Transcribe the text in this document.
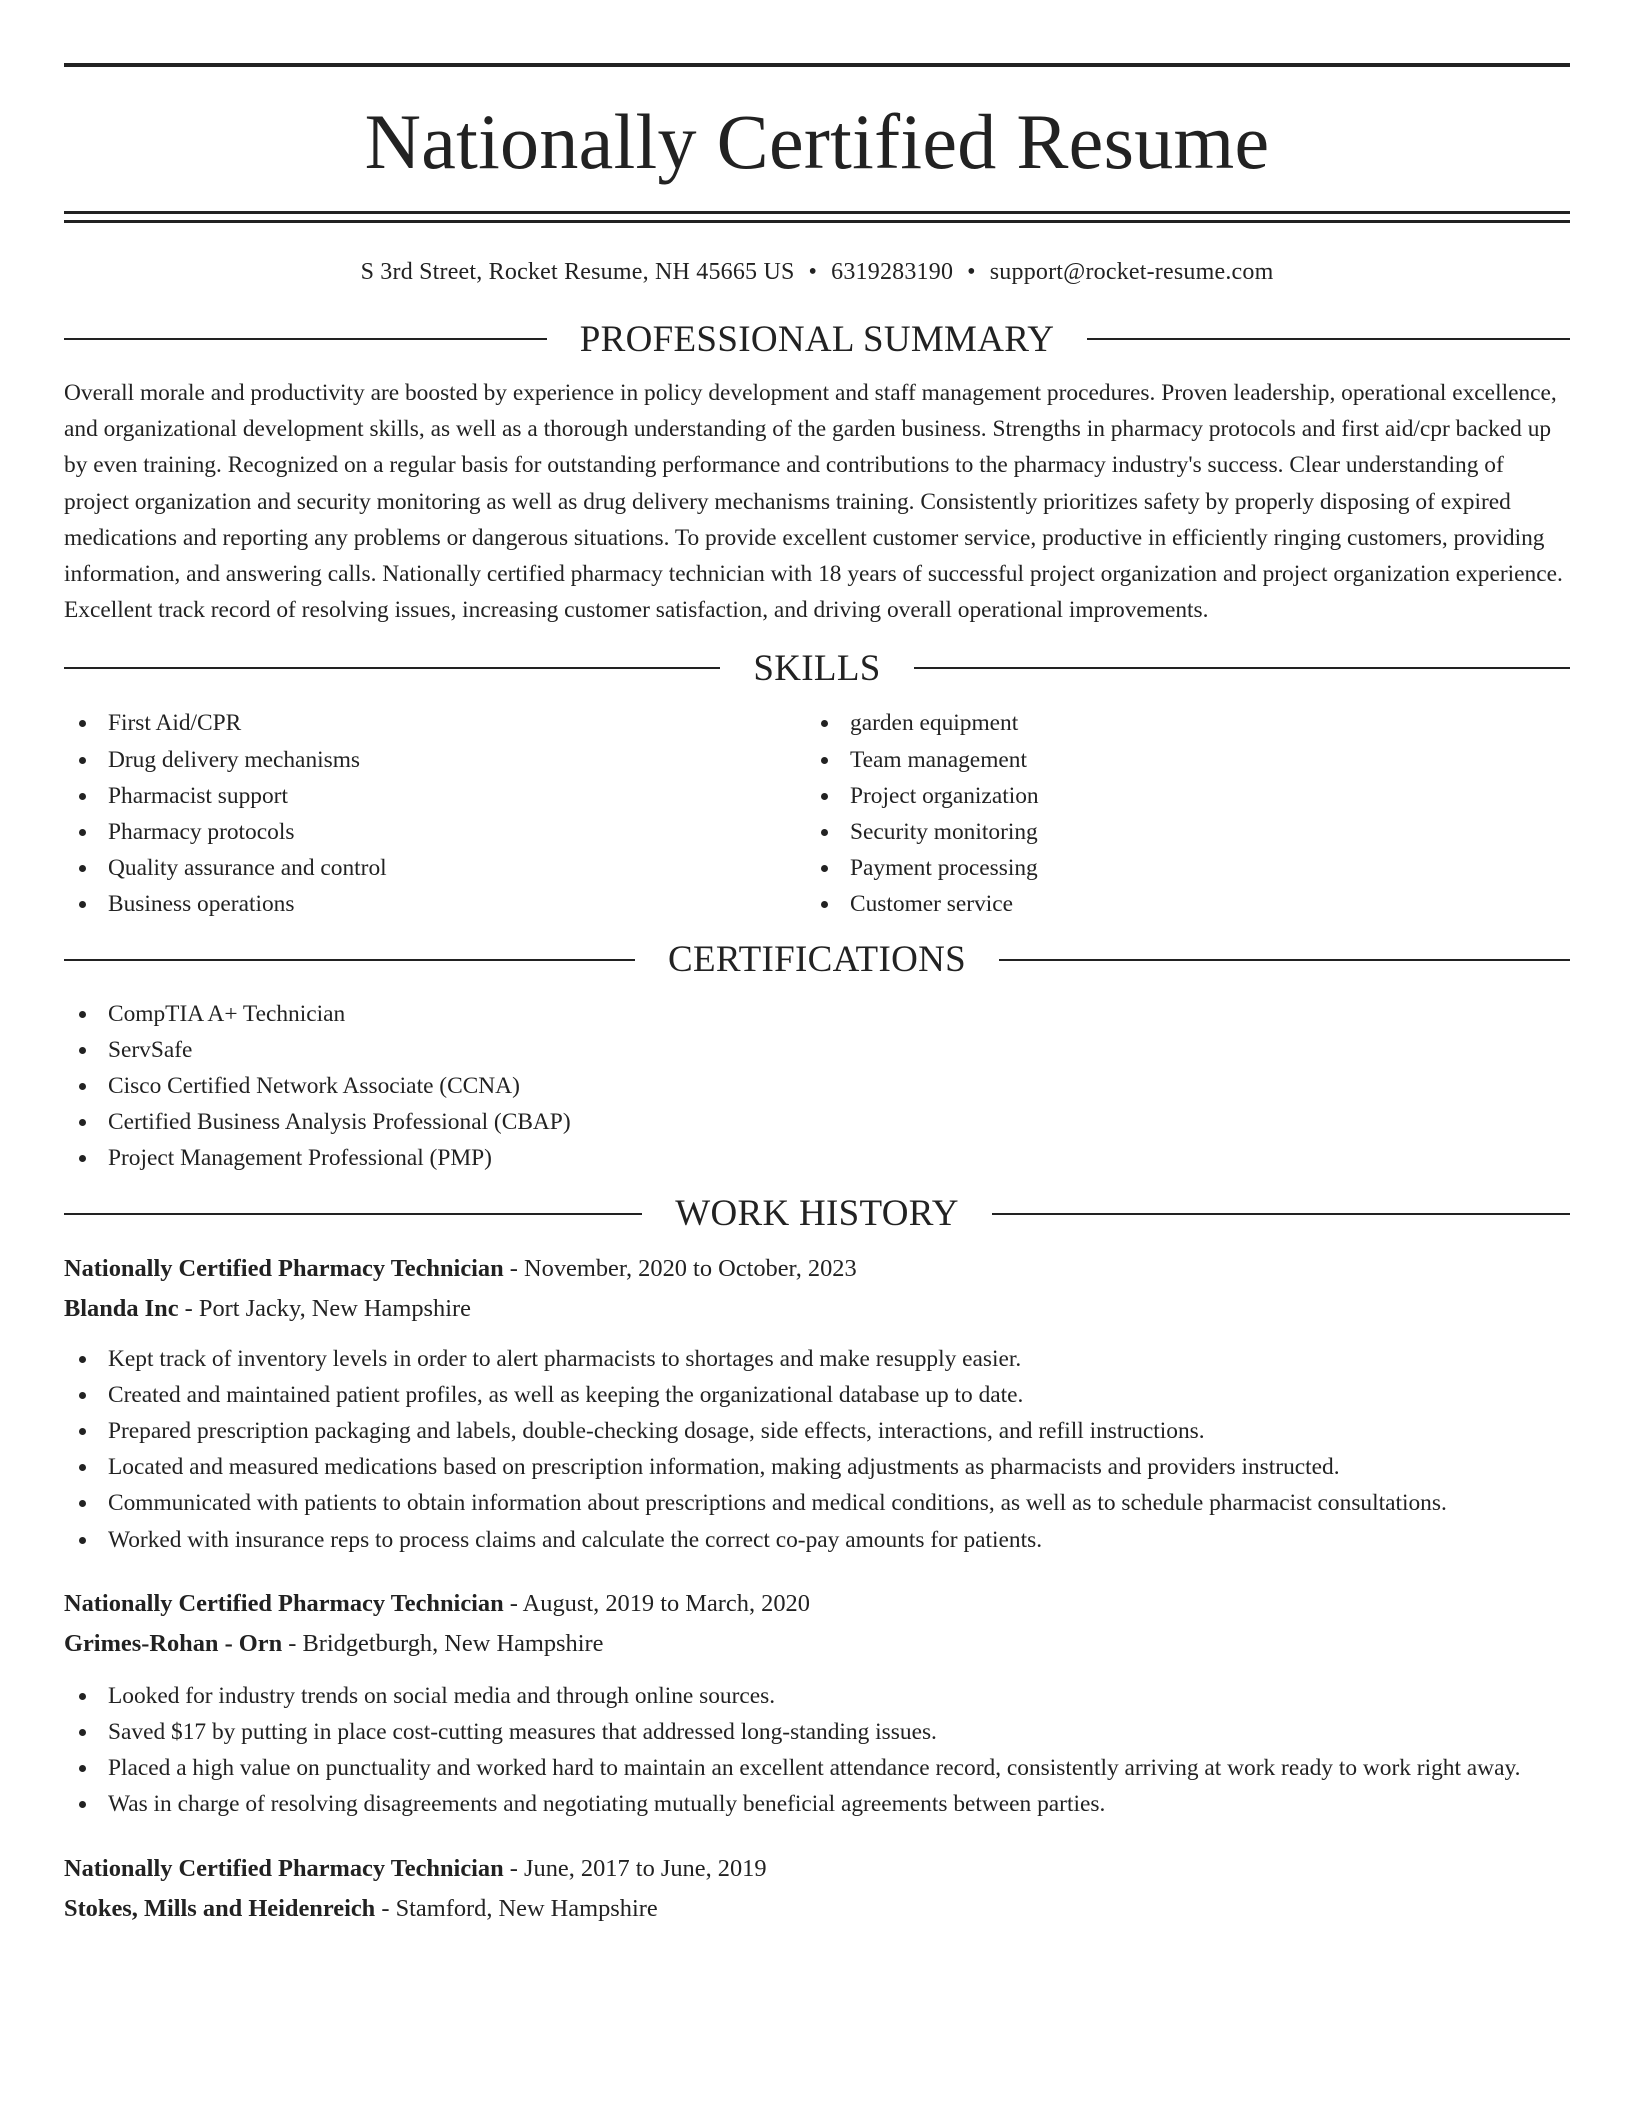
Nationally Certified Resume
S 3rd Street, Rocket Resume, NH 45665 US • 6319283190 • support@rocket-resume.com
PROFESSIONAL SUMMARY

Overall morale and productivity are boosted by experience in policy development and staff management procedures. Proven leadership, operational excellence, and organizational development skills, as well as a thorough understanding of the garden business. Strengths in pharmacy protocols and first aid/cpr backed up by even training. Recognized on a regular basis for outstanding performance and contributions to the pharmacy industry's success. Clear understanding of project organization and security monitoring as well as drug delivery mechanisms training. Consistently prioritizes safety by properly disposing of expired medications and reporting any problems or dangerous situations. To provide excellent customer service, productive in efficiently ringing customers, providing information, and answering calls. Nationally certified pharmacy technician with 18 years of successful project organization and project organization experience. Excellent track record of resolving issues, increasing customer satisfaction, and driving overall operational improvements.

SKILLS
First Aid/CPR
Drug delivery mechanisms
Pharmacist support
Pharmacy protocols
Quality assurance and control
Business operations
garden equipment
Team management
Project organization
Security monitoring
Payment processing
Customer service
CERTIFICATIONS
CompTIA A+ Technician
ServSafe
Cisco Certified Network Associate (CCNA)
Certified Business Analysis Professional (CBAP)
Project Management Professional (PMP)
WORK HISTORY
Nationally Certified Pharmacy Technician - November, 2020 to October, 2023
Blanda Inc - Port Jacky, New Hampshire
Kept track of inventory levels in order to alert pharmacists to shortages and make resupply easier.
Created and maintained patient profiles, as well as keeping the organizational database up to date.
Prepared prescription packaging and labels, double-checking dosage, side effects, interactions, and refill instructions.
Located and measured medications based on prescription information, making adjustments as pharmacists and providers instructed.
Communicated with patients to obtain information about prescriptions and medical conditions, as well as to schedule pharmacist consultations.
Worked with insurance reps to process claims and calculate the correct co-pay amounts for patients.
Nationally Certified Pharmacy Technician - August, 2019 to March, 2020
Grimes-Rohan - Orn - Bridgetburgh, New Hampshire
Looked for industry trends on social media and through online sources.
Saved $17 by putting in place cost-cutting measures that addressed long-standing issues.
Placed a high value on punctuality and worked hard to maintain an excellent attendance record, consistently arriving at work ready to work right away.
Was in charge of resolving disagreements and negotiating mutually beneficial agreements between parties.
Nationally Certified Pharmacy Technician - June, 2017 to June, 2019
Stokes, Mills and Heidenreich - Stamford, New Hampshire
